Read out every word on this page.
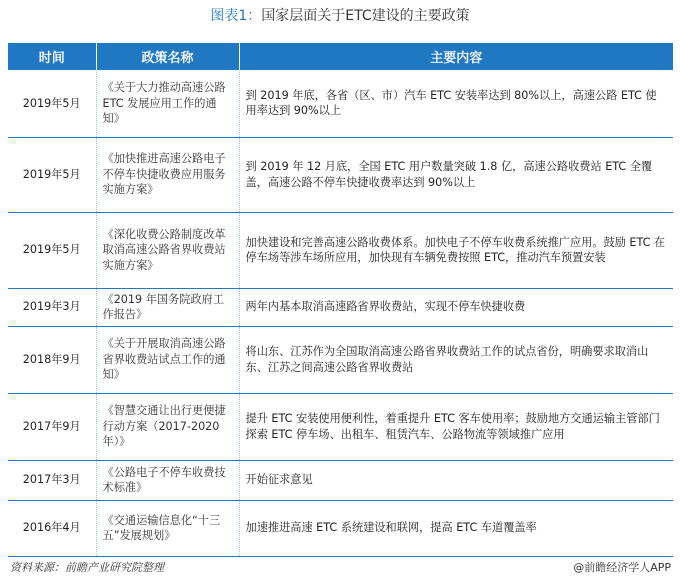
图表1：国家层面关于ETC建设的主要政策
时间	政策名称	主要内容
2019年5月	《关于大力推动高速公路 ETC 发展应用工作的通知》	到 2019 年底，各省（区、市）汽车 ETC 安装率达到 80%以上，高速公路 ETC 使用率达到 90%以上
2019年5月	《加快推进高速公路电子不停车快捷收费应用服务实施方案》	到 2019 年 12 月底，全国 ETC 用户数量突破 1.8 亿，高速公路收费站 ETC 全覆盖，高速公路不停车快捷收费率达到 90%以上
2019年5月	《深化收费公路制度改革取消高速公路省界收费站实施方案》	加快建设和完善高速公路收费体系。加快电子不停车收费系统推广应用。鼓励 ETC 在停车场等涉车场所应用，加快现有车辆免费按照 ETC，推动汽车预置安装
2019年3月	《2019 年国务院政府工作报告》	两年内基本取消高速路省界收费站，实现不停车快捷收费
2018年9月	《关于开展取消高速公路省界收费站试点工作的通知》	将山东、江苏作为全国取消高速公路省界收费站工作的试点省份，明确要求取消山东、江苏之间高速公路省界收费站
2017年9月	《智慧交通让出行更便捷行动方案（2017-2020 年）》	提升 ETC 安装使用便利性，着重提升 ETC 客车使用率；鼓励地方交通运输主管部门探索 ETC 停车场、出租车、租赁汽车、公路物流等领域推广应用
2017年3月	《公路电子不停车收费技术标准》	开始征求意见
2016年4月	《交通运输信息化“十三五”发展规划》	加速推进高速 ETC 系统建设和联网，提高 ETC 车道覆盖率
资料来源：前瞻产业研究院整理	@前瞻经济学人APP
